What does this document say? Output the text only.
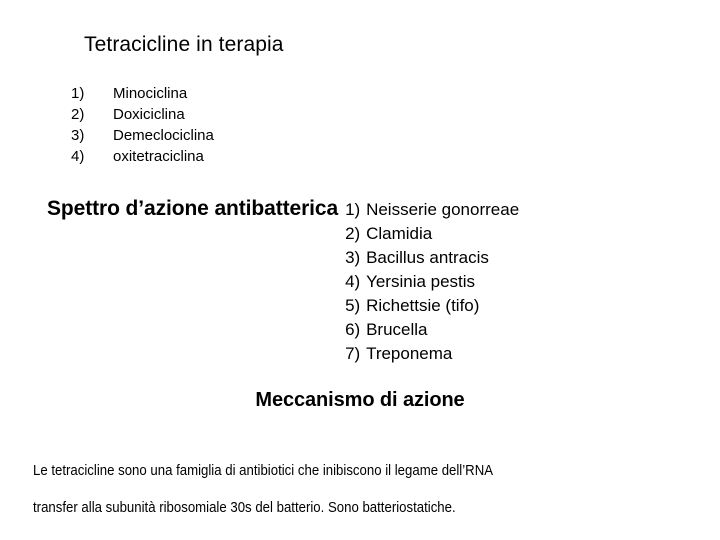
Tetracicline in terapia
1)	Minociclina
2)	Doxiciclina
3)	Demeclociclina
4)	oxitetraciclina
Spettro d’azione antibatterica 1) Neisserie gonorreae
2) Clamidia
3) Bacillus antracis
4) Yersinia pestis
5) Richettsie (tifo)
6) Brucella
7) Treponema
Meccanismo di azione
Le tetracicline sono una famiglia di antibiotici che inibiscono il legame dell’RNA
transfer alla subunità ribosomiale 30s del batterio. Sono batteriostatiche.
